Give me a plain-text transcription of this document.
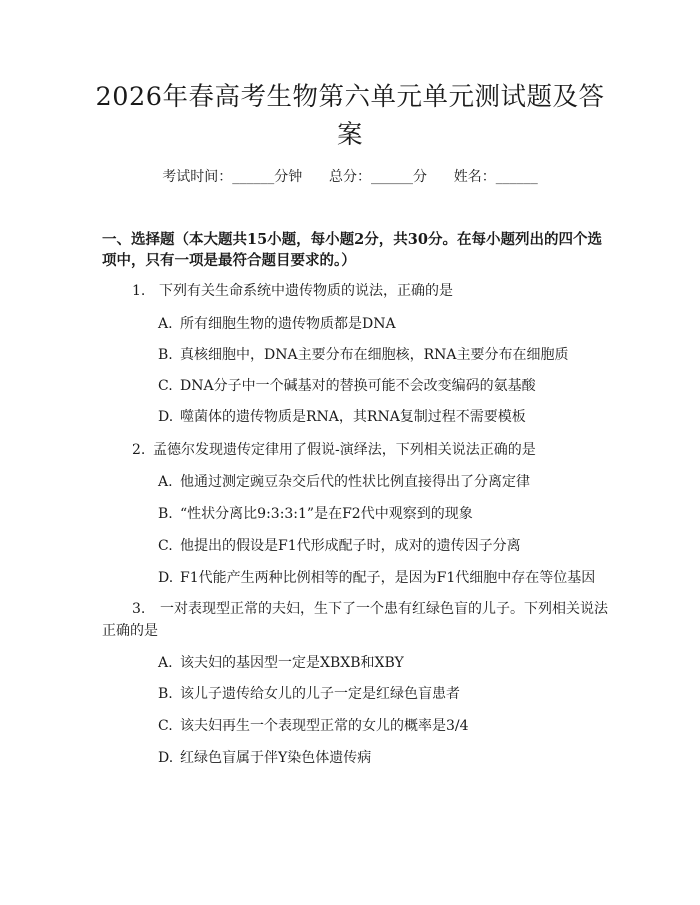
2026年春高考生物第六单元单元测试题及答
案
考试时间：______分钟      总分：______分      姓名：______
一、选择题（本大题共15小题，每小题2分，共30分。在每小题列出的四个选
项中，只有一项是最符合题目要求的。）
1. 下列有关生命系统中遗传物质的说法，正确的是
A. 所有细胞生物的遗传物质都是DNA
B. 真核细胞中，DNA主要分布在细胞核，RNA主要分布在细胞质
C. DNA分子中一个碱基对的替换可能不会改变编码的氨基酸
D. 噬菌体的遗传物质是RNA，其RNA复制过程不需要模板
2. 孟德尔发现遗传定律用了假说-演绎法，下列相关说法正确的是
A. 他通过测定豌豆杂交后代的性状比例直接得出了分离定律
B. “性状分离比9:3:3:1”是在F2代中观察到的现象
C. 他提出的假设是F1代形成配子时，成对的遗传因子分离
D. F1代能产生两种比例相等的配子，是因为F1代细胞中存在等位基因
3. 一对表现型正常的夫妇，生下了一个患有红绿色盲的儿子。下列相关说法
正确的是
A. 该夫妇的基因型一定是XBXB和XBY
B. 该儿子遗传给女儿的儿子一定是红绿色盲患者
C. 该夫妇再生一个表现型正常的女儿的概率是3/4
D. 红绿色盲属于伴Y染色体遗传病
